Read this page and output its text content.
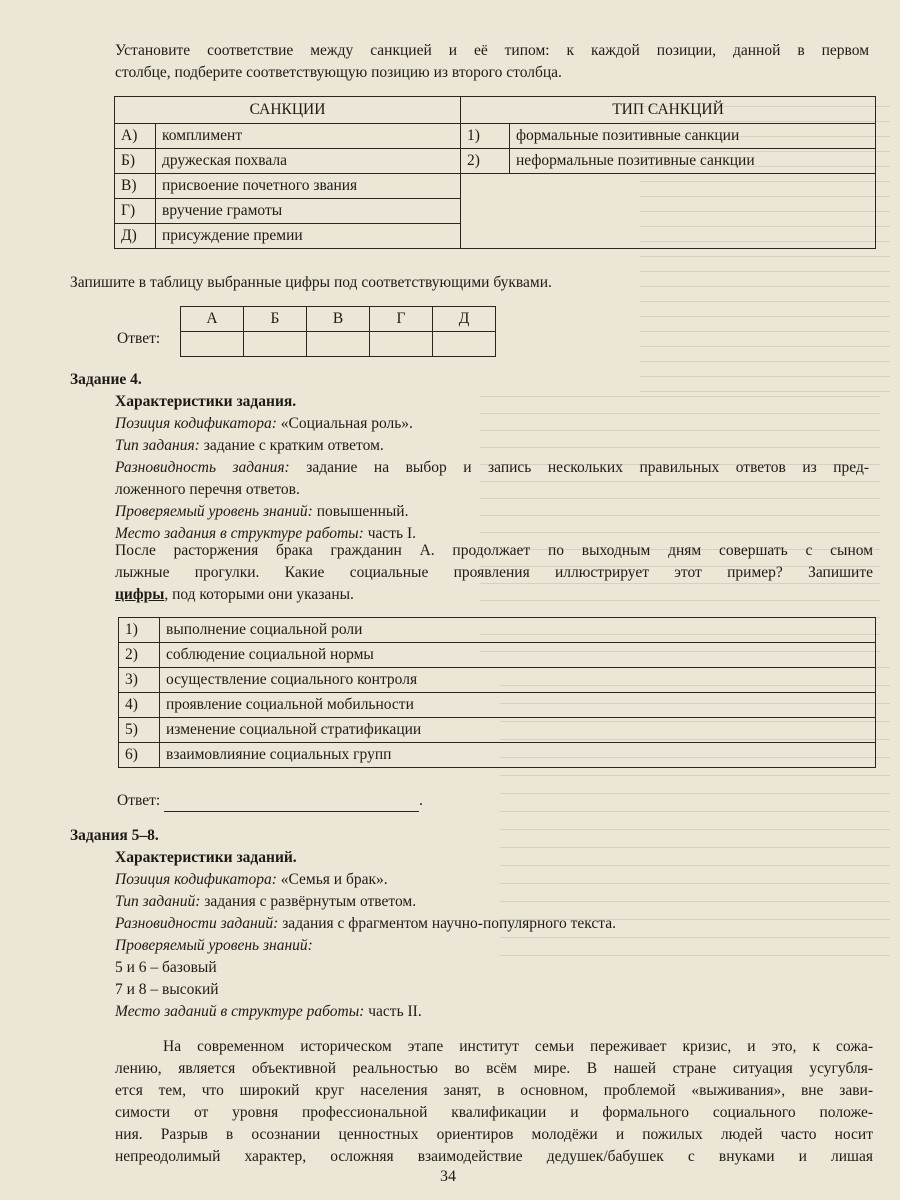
Установите соответствие между санкцией и её типом: к каждой позиции, данной в первом
столбце, подберите соответствующую позицию из второго столбца.
САНКЦИИ		ТИП САНКЦИЙ	
А)	комплимент	1)	формальные позитивные санкции
Б)	дружеская похвала	2)	неформальные позитивные санкции
В)	присвоение почетного звания		
Г)	вручение грамоты		
Д)	присуждение премии		
Запишите в таблицу выбранные цифры под соответствующими буквами.
Ответ:
А	Б	В	Г	Д

Задание 4.
Характеристики задания.
Позиция кодификатора: «Социальная роль».
Тип задания: задание с кратким ответом.
Разновидность задания: задание на выбор и запись нескольких правильных ответов из пред-
ложенного перечня ответов.
Проверяемый уровень знаний: повышенный.
Место задания в структуре работы: часть I.
После расторжения брака гражданин А. продолжает по выходным дням совершать с сыном
лыжные прогулки. Какие социальные проявления иллюстрирует этот пример? Запишите
цифры, под которыми они указаны.
1)	выполнение социальной роли
2)	соблюдение социальной нормы
3)	осуществление социального контроля
4)	проявление социальной мобильности
5)	изменение социальной стратификации
6)	взаимовлияние социальных групп
Ответ:	.
Задания 5–8.
Характеристики заданий.
Позиция кодификатора: «Семья и брак».
Тип заданий: задания с развёрнутым ответом.
Разновидности заданий: задания с фрагментом научно-популярного текста.
Проверяемый уровень знаний:
5 и 6 – базовый
7 и 8 – высокий
Место заданий в структуре работы: часть II.
На современном историческом этапе институт семьи переживает кризис, и это, к сожа-
лению, является объективной реальностью во всём мире. В нашей стране ситуация усугубля-
ется тем, что широкий круг населения занят, в основном, проблемой «выживания», вне зави-
симости от уровня профессиональной квалификации и формального социального положе-
ния. Разрыв в осознании ценностных ориентиров молодёжи и пожилых людей часто носит
непреодолимый характер, осложняя взаимодействие дедушек/бабушек с внуками и лишая
34
